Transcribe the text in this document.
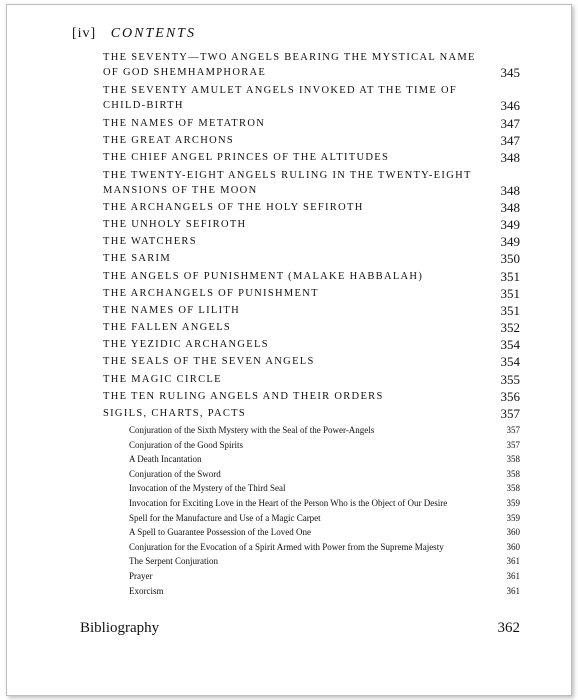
[iv] CONTENTS
THE SEVENTY—TWO ANGELS BEARING THE MYSTICAL NAME OF GOD SHEMHAMPHORAE	345
THE SEVENTY AMULET ANGELS INVOKED AT THE TIME OF CHILD-BIRTH	346
THE NAMES OF METATRON	347
THE GREAT ARCHONS	347
THE CHIEF ANGEL PRINCES OF THE ALTITUDES	348
THE TWENTY-EIGHT ANGELS RULING IN THE TWENTY-EIGHT MANSIONS OF THE MOON	348
THE ARCHANGELS OF THE HOLY SEFIROTH	348
THE UNHOLY SEFIROTH	349
THE WATCHERS	349
THE SARIM	350
THE ANGELS OF PUNISHMENT (MALAKE HABBALAH)	351
THE ARCHANGELS OF PUNISHMENT	351
THE NAMES OF LILITH	351
THE FALLEN ANGELS	352
THE YEZIDIC ARCHANGELS	354
THE SEALS OF THE SEVEN ANGELS	354
THE MAGIC CIRCLE	355
THE TEN RULING ANGELS AND THEIR ORDERS	356
SIGILS, CHARTS, PACTS	357
Conjuration of the Sixth Mystery with the Seal of the Power-Angels	357
Conjuration of the Good Spirits	357
A Death Incantation	358
Conjuration of the Sword	358
Invocation of the Mystery of the Third Seal	358
Invocation for Exciting Love in the Heart of the Person Who is the Object of Our Desire	359
Spell for the Manufacture and Use of a Magic Carpet	359
A Spell to Guarantee Possession of the Loved One	360
Conjuration for the Evocation of a Spirit Armed with Power from the Supreme Majesty	360
The Serpent Conjuration	361
Prayer	361
Exorcism	361
Bibliography	362
